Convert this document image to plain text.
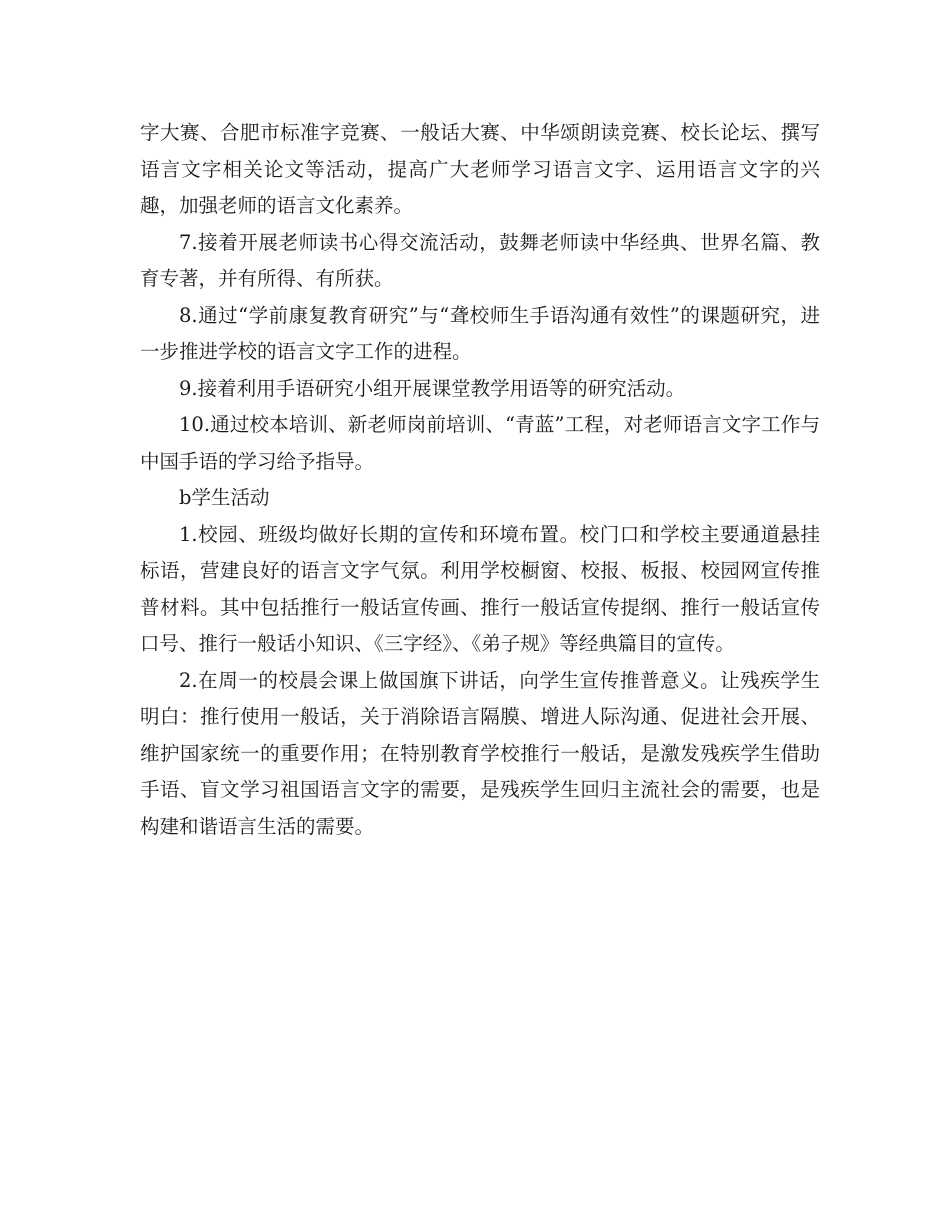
字大赛、合肥市标准字竞赛、一般话大赛、中华颂朗读竞赛、校长论坛、撰写语言文字相关论文等活动，提高广大老师学习语言文字、运用语言文字的兴趣，加强老师的语言文化素养。

7.接着开展老师读书心得交流活动，鼓舞老师读中华经典、世界名篇、教育专著，并有所得、有所获。

8.通过“学前康复教育研究”与“聋校师生手语沟通有效性”的课题研究，进一步推进学校的语言文字工作的进程。

9.接着利用手语研究小组开展课堂教学用语等的研究活动。

10.通过校本培训、新老师岗前培训、“青蓝”工程，对老师语言文字工作与中国手语的学习给予指导。

b学生活动

1.校园、班级均做好长期的宣传和环境布置。校门口和学校主要通道悬挂标语，营建良好的语言文字气氛。利用学校橱窗、校报、板报、校园网宣传推普材料。其中包括推行一般话宣传画、推行一般话宣传提纲、推行一般话宣传口号、推行一般话小知识、《三字经》、《弟子规》等经典篇目的宣传。

2.在周一的校晨会课上做国旗下讲话，向学生宣传推普意义。让残疾学生明白：推行使用一般话，关于消除语言隔膜、增进人际沟通、促进社会开展、维护国家统一的重要作用；在特别教育学校推行一般话，是激发残疾学生借助手语、盲文学习祖国语言文字的需要，是残疾学生回归主流社会的需要，也是构建和谐语言生活的需要。
